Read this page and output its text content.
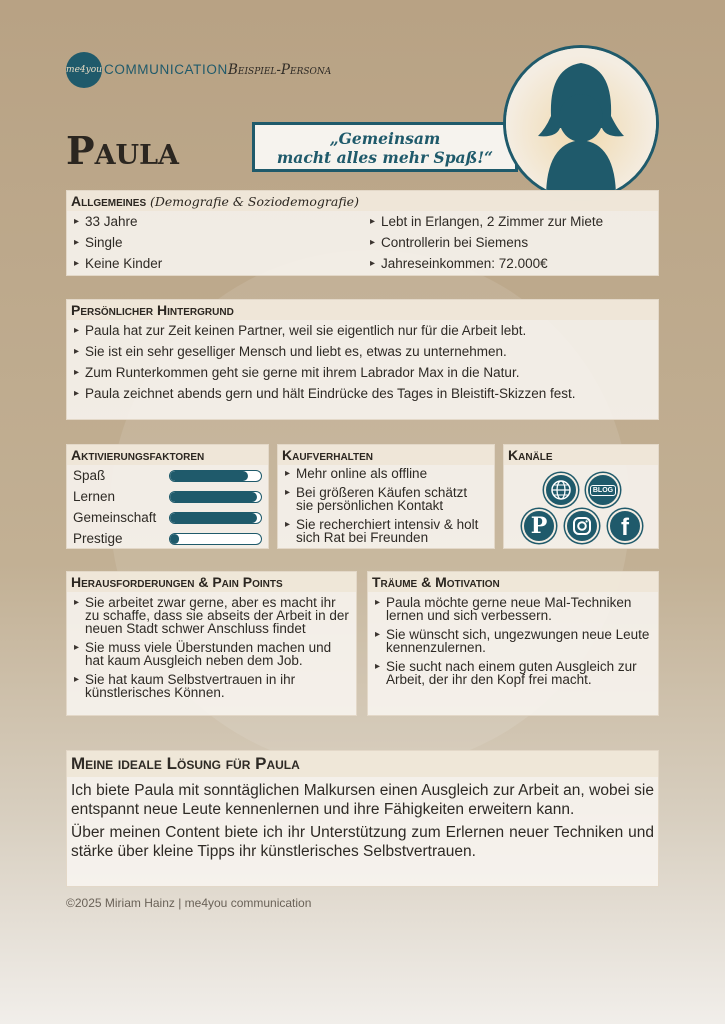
me4you COMMUNICATION Beispiel-Persona
Paula	„Gemeinsam
macht alles mehr Spaß!“
Allgemeines (Demografie & Soziodemografie)
▸ 33 Jahre
▸ Single
▸ Keine Kinder
▸ Lebt in Erlangen, 2 Zimmer zur Miete
▸ Controllerin bei Siemens
▸ Jahreseinkommen: 72.000€
Persönlicher Hintergrund
▸ Paula hat zur Zeit keinen Partner, weil sie eigentlich nur für die Arbeit lebt.
▸ Sie ist ein sehr geselliger Mensch und liebt es, etwas zu unternehmen.
▸ Zum Runterkommen geht sie gerne mit ihrem Labrador Max in die Natur.
▸ Paula zeichnet abends gern und hält Eindrücke des Tages in Bleistift-Skizzen fest.
Aktivierungsfaktoren
Spaß
Lernen
Gemeinschaft
Prestige
Kaufverhalten
▸ Mehr online als offline
▸ Bei größeren Käufen schätzt sie persönlichen Kontakt
▸ Sie recherchiert intensiv & holt sich Rat bei Freunden
Kanäle
BLOG
P	f
Herausforderungen & Pain Points
▸ Sie arbeitet zwar gerne, aber es macht ihr zu schaffe, dass sie abseits der Arbeit in der neuen Stadt schwer Anschluss findet
▸ Sie muss viele Überstunden machen und hat kaum Ausgleich neben dem Job.
▸ Sie hat kaum Selbstvertrauen in ihr künstlerisches Können.
Träume & Motivation
▸ Paula möchte gerne neue Mal-Techniken lernen und sich verbessern.
▸ Sie wünscht sich, ungezwungen neue Leute kennenzulernen.
▸ Sie sucht nach einem guten Ausgleich zur Arbeit, der ihr den Kopf frei macht.
Meine ideale Lösung für Paula

Ich biete Paula mit sonntäglichen Malkursen einen Ausgleich zur Arbeit an, wobei sie entspannt neue Leute kennenlernen und ihre Fähigkeiten erweitern kann.

Über meinen Content biete ich ihr Unterstützung zum Erlernen neuer Techniken und stärke über kleine Tipps ihr künstlerisches Selbstvertrauen.

©2025 Miriam Hainz | me4you communication
